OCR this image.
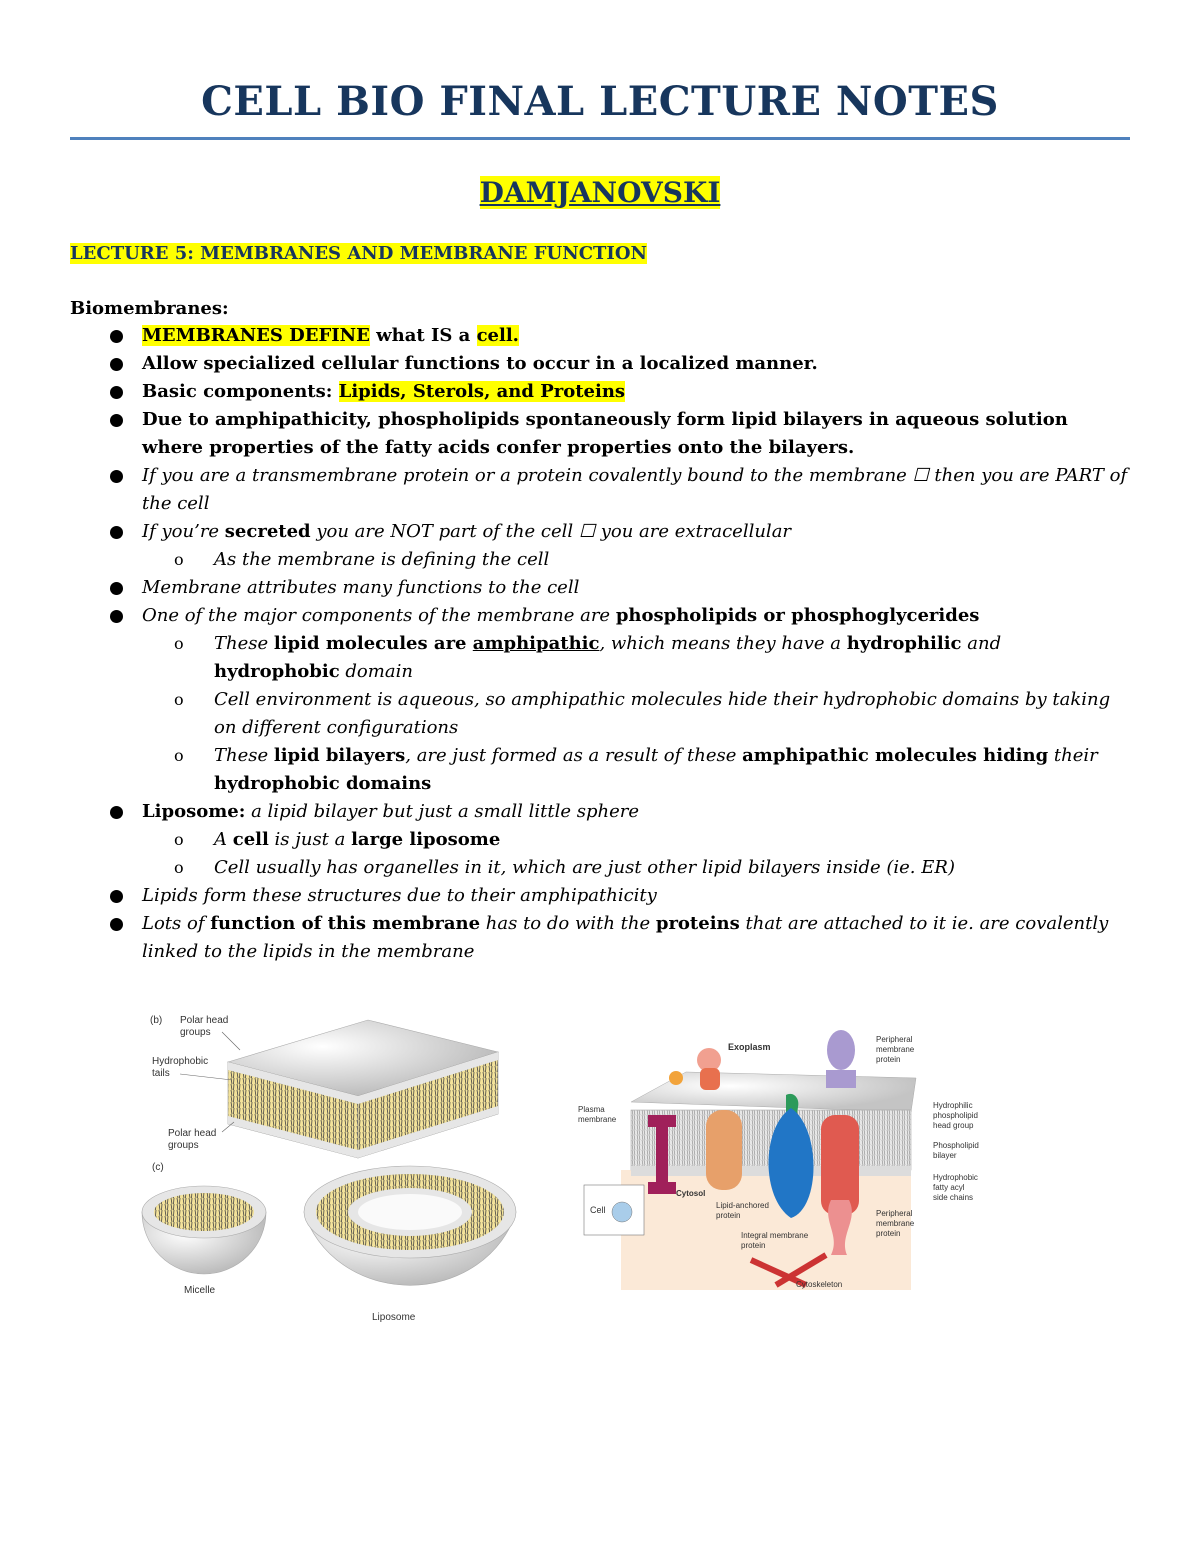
CELL BIO FINAL LECTURE NOTES
DAMJANOVSKI
LECTURE 5: MEMBRANES AND MEMBRANE FUNCTION
Biomembranes:
MEMBRANES DEFINE what IS a cell.
Allow specialized cellular functions to occur in a localized manner.
Basic components: Lipids, Sterols, and Proteins
Due to amphipathicity, phospholipids spontaneously form lipid bilayers in aqueous solution where properties of the fatty acids confer properties onto the bilayers.
If you are a transmembrane protein or a protein covalently bound to the membrane ☐ then you are PART of the cell
If you’re secreted you are NOT part of the cell ☐ you are extracellular
o As the membrane is defining the cell
Membrane attributes many functions to the cell
One of the major components of the membrane are phospholipids or phosphoglycerides
o These lipid molecules are amphipathic, which means they have a hydrophilic and hydrophobic domain
o Cell environment is aqueous, so amphipathic molecules hide their hydrophobic domains by taking on different configurations
o These lipid bilayers, are just formed as a result of these amphipathic molecules hiding their hydrophobic domains
Liposome: a lipid bilayer but just a small little sphere
o A cell is just a large liposome
o Cell usually has organelles in it, which are just other lipid bilayers inside (ie. ER)
Lipids form these structures due to their amphipathicity
Lots of function of this membrane has to do with the proteins that are attached to it ie. are covalently linked to the lipids in the membrane
(b) Polar head
groups
Hydrophobic
tails
Polar head
groups
(c)
Micelle
Liposome
Cell
Exoplasm
Peripheral
membrane
protein
Hydrophilic
phospholipid
head group
Phospholipid
bilayer
Hydrophobic
fatty acyl
side chains
Plasma
membrane
Cytosol
Lipid-anchored
protein
Integral membrane
protein
Peripheral
membrane
protein
Cytoskeleton
